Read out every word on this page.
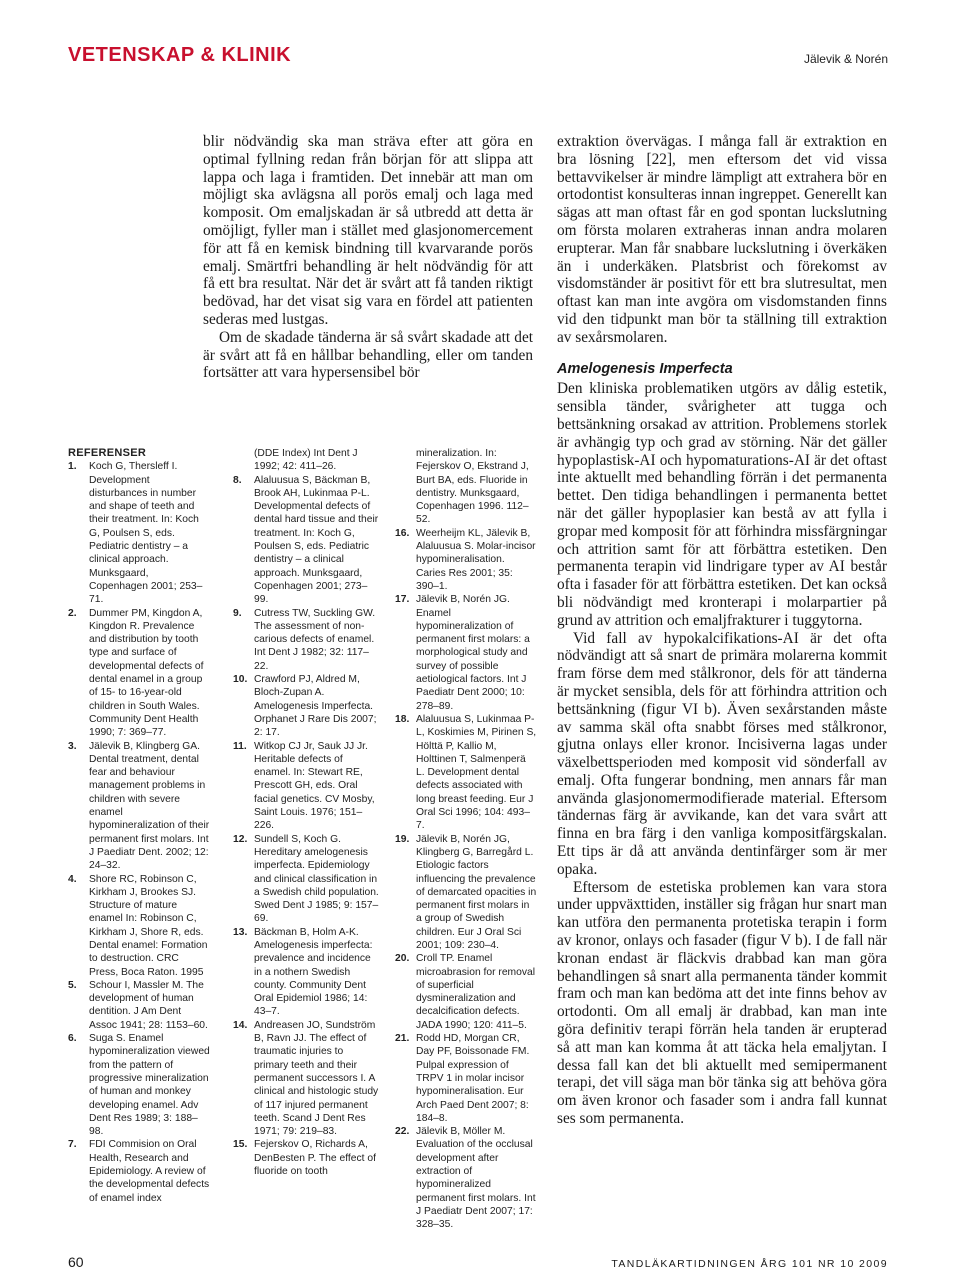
VETENSKAP & KLINIK	Jälevik & Norén

blir nödvändig ska man sträva efter att göra en optimal fyllning redan från början för att slippa att lappa och laga i framtiden. Det innebär att man om möjligt ska avlägsna all porös emalj och laga med komposit. Om emaljskadan är så utbredd att detta är omöjligt, fyller man i stället med glasjonomercement för att få en kemisk bindning till kvarvarande porös emalj. Smärtfri behandling är helt nödvändig för att få ett bra resultat. När det är svårt att få tanden riktigt bedövad, har det visat sig vara en fördel att patienten sederas med lustgas.

Om de skadade tänderna är så svårt skadade att det är svårt att få en hållbar behandling, eller om tanden fortsätter att vara hypersensibel bör

extraktion övervägas. I många fall är extraktion en bra lösning [22], men eftersom det vid vissa bettavvikelser är mindre lämpligt att extrahera bör en ortodontist konsulteras innan ingreppet. Generellt kan sägas att man oftast får en god spontan luckslutning om första molaren extraheras innan andra molaren erupterar. Man får snabbare luckslutning i överkäken än i underkäken. Platsbrist och förekomst av visdomständer är positivt för ett bra slutresultat, men oftast kan man inte avgöra om visdomstanden finns vid den tidpunkt man bör ta ställning till extraktion av sexårsmolaren.

Amelogenesis Imperfecta

Den kliniska problematiken utgörs av dålig estetik, sensibla tänder, svårigheter att tugga och bettsänkning orsakad av attrition. Problemens storlek är avhängig typ och grad av störning. När det gäller hypoplastisk-AI och hypomaturations-AI är det oftast inte aktuellt med behandling förrän i det permanenta bettet. Den tidiga behandlingen i permanenta bettet när det gäller hypoplasier kan bestå av att fylla i gropar med komposit för att förhindra missfärgningar och attrition samt för att förbättra estetiken. Den permanenta terapin vid lindrigare typer av AI består ofta i fasader för att förbättra estetiken. Det kan också bli nödvändigt med kronterapi i molarpartier på grund av attrition och emaljfrakturer i tuggytorna.

Vid fall av hypokalcifikations-AI är det ofta nödvändigt att så snart de primära molarerna kommit fram förse dem med stålkronor, dels för att tänderna är mycket sensibla, dels för att förhindra attrition och bettsänkning (figur VI b). Även sexårstanden måste av samma skäl ofta snabbt förses med stålkronor, gjutna onlays eller kronor. Incisiverna lagas under växelbettsperioden med komposit vid sönderfall av emalj. Ofta fungerar bondning, men annars får man använda glasjonomermodifierade material. Eftersom tändernas färg är avvikande, kan det vara svårt att finna en bra färg i den vanliga kompositfärgskalan. Ett tips är då att använda dentinfärger som är mer opaka.

Eftersom de estetiska problemen kan vara stora under uppväxttiden, inställer sig frågan hur snart man kan utföra den permanenta protetiska terapin i form av kronor, onlays och fasader (figur V b). I de fall när kronan endast är fläckvis drabbad kan man göra behandlingen så snart alla permanenta tänder kommit fram och man kan bedöma att det inte finns behov av ortodonti. Om all emalj är drabbad, kan man inte göra definitiv terapi förrän hela tanden är erupterad så att man kan komma åt att täcka hela emaljytan. I dessa fall kan det bli aktuellt med semipermanent terapi, det vill säga man bör tänka sig att behöva göra om även kronor och fasader som i andra fall kunnat ses som permanenta.

REFERENSER
1. Koch G, Thersleff I. Development disturbances in number and shape of teeth and their treatment. In: Koch G, Poulsen S, eds. Pediatric dentistry – a clinical approach. Munksgaard, Copenhagen 2001; 253–71.
2. Dummer PM, Kingdon A, Kingdon R. Prevalence and distribution by tooth type and surface of developmental defects of dental enamel in a group of 15- to 16-year-old children in South Wales. Community Dent Health 1990; 7: 369–77.
3. Jälevik B, Klingberg GA. Dental treatment, dental fear and behaviour management problems in children with severe enamel hypomineralization of their permanent first molars. Int J Paediatr Dent. 2002; 12: 24–32.
4. Shore RC, Robinson C, Kirkham J, Brookes SJ. Structure of mature enamel In: Robinson C, Kirkham J, Shore R, eds. Dental enamel: Formation to destruction. CRC Press, Boca Raton. 1995
5. Schour I, Massler M. The development of human dentition. J Am Dent Assoc 1941; 28: 1153–60.
6. Suga S. Enamel hypomineralization viewed from the pattern of progressive mineralization of human and monkey developing enamel. Adv Dent Res 1989; 3: 188–98.
7. FDI Commision on Oral Health, Research and Epidemiology. A review of the developmental defects of enamel index
(DDE Index) Int Dent J 1992; 42: 411–26.
8. Alaluusua S, Bäckman B, Brook AH, Lukinmaa P-L. Developmental defects of dental hard tissue and their treatment. In: Koch G, Poulsen S, eds. Pediatric dentistry – a clinical approach. Munksgaard, Copenhagen 2001; 273–99.
9. Cutress TW, Suckling GW. The assessment of non-carious defects of enamel. Int Dent J 1982; 32: 117–22.
10. Crawford PJ, Aldred M, Bloch-Zupan A. Amelogenesis Imperfecta. Orphanet J Rare Dis 2007; 2: 17.
11. Witkop CJ Jr, Sauk JJ Jr. Heritable defects of enamel. In: Stewart RE, Prescott GH, eds. Oral facial genetics. CV Mosby, Saint Louis. 1976; 151–226.
12. Sundell S, Koch G. Hereditary amelogenesis imperfecta. Epidemiology and clinical classification in a Swedish child population. Swed Dent J 1985; 9: 157–69.
13. Bäckman B, Holm A-K. Amelogenesis imperfecta: prevalence and incidence in a nothern Swedish county. Community Dent Oral Epidemiol 1986; 14: 43–7.
14. Andreasen JO, Sundström B, Ravn JJ. The effect of traumatic injuries to primary teeth and their permanent successors I. A clinical and histologic study of 117 injured permanent teeth. Scand J Dent Res 1971; 79: 219–83.
15. Fejerskov O, Richards A, DenBesten P. The effect of fluoride on tooth
mineralization. In: Fejerskov O, Ekstrand J, Burt BA, eds. Fluoride in dentistry. Munksgaard, Copenhagen 1996. 112–52.
16. Weerheijm KL, Jälevik B, Alaluusua S. Molar-incisor hypomineralisation. Caries Res 2001; 35: 390–1.
17. Jälevik B, Norén JG. Enamel hypomineralization of permanent first molars: a morphological study and survey of possible aetiological factors. Int J Paediatr Dent 2000; 10: 278–89.
18. Alaluusua S, Lukinmaa P-L, Koskimies M, Pirinen S, Hölttä P, Kallio M, Holttinen T, Salmenperä L. Development dental defects associated with long breast feeding. Eur J Oral Sci 1996; 104: 493–7.
19. Jälevik B, Norén JG, Klingberg G, Barregård L. Etiologic factors influencing the prevalence of demarcated opacities in permanent first molars in a group of Swedish children. Eur J Oral Sci 2001; 109: 230–4.
20. Croll TP. Enamel microabrasion for removal of superficial dysmineralization and decalcification defects. JADA 1990; 120: 411–5.
21. Rodd HD, Morgan CR, Day PF, Boissonade FM. Pulpal expression of TRPV 1 in molar incisor hypomineralisation. Eur Arch Paed Dent 2007; 8: 184–8.
22. Jälevik B, Möller M. Evaluation of the occlusal development after extraction of hypomineralized permanent first molars. Int J Paediatr Dent 2007; 17: 328–35.
60	TANDLÄKARTIDNINGEN ÅRG 101 NR 10 2009
